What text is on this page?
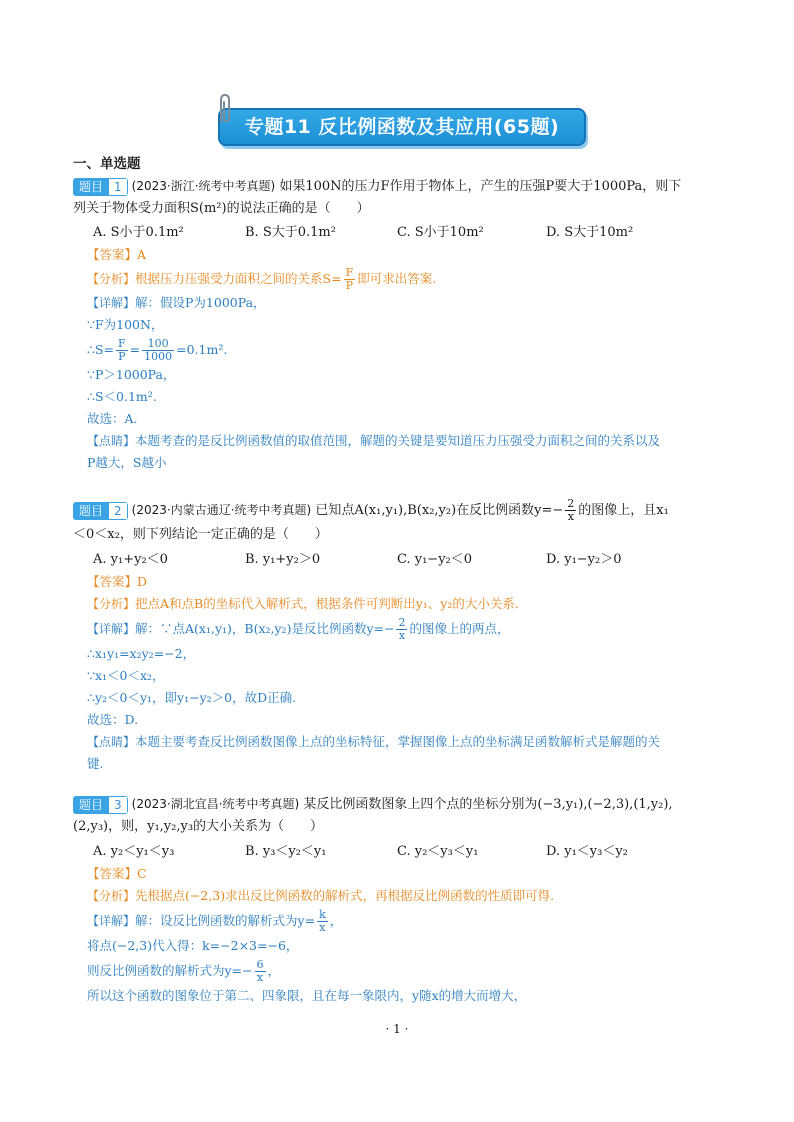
专题11 反比例函数及其应用(65题)
一、单选题
题目 1 (2023·浙江·统考中考真题) 如果100N的压力F作用于物体上，产生的压强P要大于1000Pa，则下
列关于物体受力面积S(m²)的说法正确的是（　　）
A. S小于0.1m²	B. S大于0.1m²	C. S小于10m²	D. S大于10m²
【答案】A
【分析】根据压力压强受力面积之间的关系$S= \frac{F}{P}$ 即可求出答案.
【详解】解：假设P为1000Pa，
∵F为100N，
∴S= $\frac{F}{P} = \frac{100}{1000} =0.1m^2$.
∵P＞1000Pa，
∴S＜0.1m².
故选：A.
【点睛】本题考查的是反比例函数值的取值范围，解题的关键是要知道压力压强受力面积之间的关系以及
P越大，S越小
题目 2 (2023·内蒙古通辽·统考中考真题) 已知点A(x₁,y₁),B(x₂,y₂)在反比例函数$y=- \frac{2}{x}$ 的图像上，且x₁
＜0＜x₂，则下列结论一定正确的是（　　）
A. y₁+y₂＜0	B. y₁+y₂＞0	C. y₁−y₂＜0	D. y₁−y₂＞0
【答案】D
【分析】把点A和点B的坐标代入解析式，根据条件可判断出y₁、y₂的大小关系.
【详解】解：∵点A(x₁,y₁)，B(x₂,y₂)是反比例函数$y=- \frac{2}{x}$ 的图像上的两点，
∴x₁y₁=x₂y₂=−2，
∵x₁＜0＜x₂，
∴y₂＜0＜y₁，即y₁−y₂＞0，故D正确.
故选：D.
【点睛】本题主要考查反比例函数图像上点的坐标特征，掌握图像上点的坐标满足函数解析式是解题的关
键.
题目 3 (2023·湖北宜昌·统考中考真题) 某反比例函数图象上四个点的坐标分别为(−3,y₁),(−2,3),(1,y₂),
(2,y₃)，则，y₁,y₂,y₃的大小关系为（　　）
A. y₂＜y₁＜y₃	B. y₃＜y₂＜y₁	C. y₂＜y₃＜y₁	D. y₁＜y₃＜y₂
【答案】C
【分析】先根据点(−2,3)求出反比例函数的解析式，再根据反比例函数的性质即可得.
【详解】解：设反比例函数的解析式为$y= \frac{k}{x}$ ，
将点(−2,3)代入得：k=−2×3=−6，
则反比例函数的解析式为$y=- \frac{6}{x}$ ，
所以这个函数的图象位于第二、四象限，且在每一象限内，y随x的增大而增大，
· 1 ·
